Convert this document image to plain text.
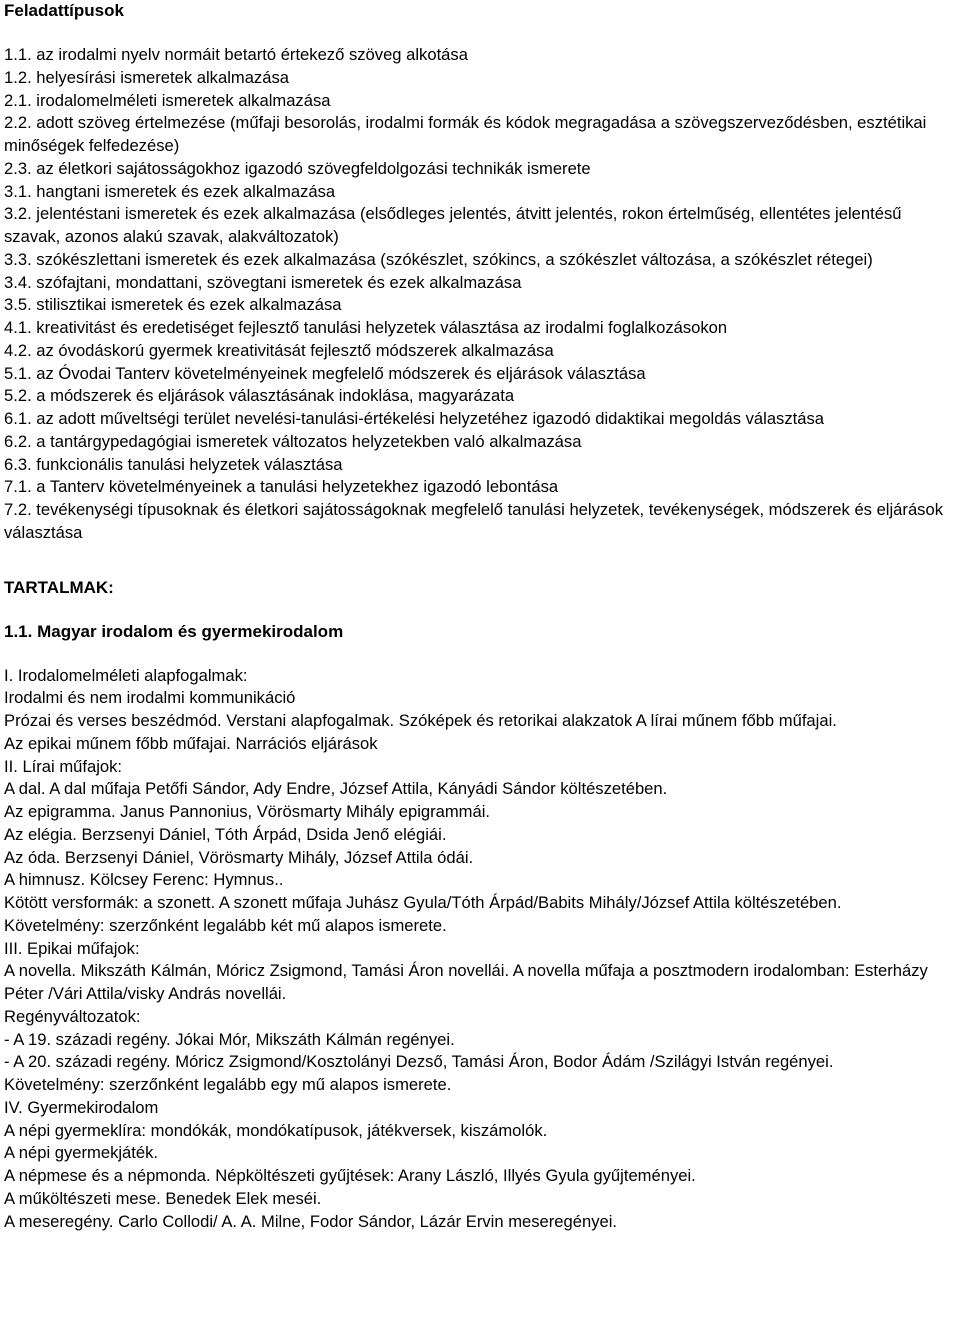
Feladattípusok

1.1. az irodalmi nyelv normáit betartó értekező szöveg alkotása

1.2. helyesírási ismeretek alkalmazása

2.1. irodalomelméleti ismeretek alkalmazása

2.2. adott szöveg értelmezése (műfaji besorolás, irodalmi formák és kódok megragadása a szövegszerveződésben, esztétikai minőségek felfedezése)

2.3. az életkori sajátosságokhoz igazodó szövegfeldolgozási technikák ismerete

3.1. hangtani ismeretek és ezek alkalmazása

3.2. jelentéstani ismeretek és ezek alkalmazása (elsődleges jelentés, átvitt jelentés, rokon értelműség, ellentétes jelentésű szavak, azonos alakú szavak, alakváltozatok)

3.3. szókészlettani ismeretek és ezek alkalmazása (szókészlet, szókincs, a szókészlet változása, a szókészlet rétegei)

3.4. szófajtani, mondattani, szövegtani ismeretek és ezek alkalmazása

3.5. stilisztikai ismeretek és ezek alkalmazása

4.1. kreativitást és eredetiséget fejlesztő tanulási helyzetek választása az irodalmi foglalkozásokon

4.2. az óvodáskorú gyermek kreativitását fejlesztő módszerek alkalmazása

5.1. az Óvodai Tanterv követelményeinek megfelelő módszerek és eljárások választása

5.2. a módszerek és eljárások választásának indoklása, magyarázata

6.1. az adott műveltségi terület nevelési-tanulási-értékelési helyzetéhez igazodó didaktikai megoldás választása

6.2. a tantárgypedagógiai ismeretek változatos helyzetekben való alkalmazása

6.3. funkcionális tanulási helyzetek választása

7.1. a Tanterv követelményeinek a tanulási helyzetekhez igazodó lebontása

7.2. tevékenységi típusoknak és életkori sajátosságoknak megfelelő tanulási helyzetek, tevékenységek, módszerek és eljárások választása

TARTALMAK:
1.1. Magyar irodalom és gyermekirodalom

I. Irodalomelméleti alapfogalmak:

Irodalmi és nem irodalmi kommunikáció

Prózai és verses beszédmód. Verstani alapfogalmak. Szóképek és retorikai alakzatok A lírai műnem főbb műfajai.

Az epikai műnem főbb műfajai. Narrációs eljárások

II. Lírai műfajok:

A dal. A dal műfaja Petőfi Sándor, Ady Endre, József Attila, Kányádi Sándor költészetében.

Az epigramma. Janus Pannonius, Vörösmarty Mihály epigrammái.

Az elégia. Berzsenyi Dániel, Tóth Árpád, Dsida Jenő elégiái.

Az óda. Berzsenyi Dániel, Vörösmarty Mihály, József Attila ódái.

A himnusz. Kölcsey Ferenc: Hymnus..

Kötött versformák: a szonett. A szonett műfaja Juhász Gyula/Tóth Árpád/Babits Mihály/József Attila költészetében.

Követelmény: szerzőnként legalább két mű alapos ismerete.

III. Epikai műfajok:

A novella. Mikszáth Kálmán, Móricz Zsigmond, Tamási Áron novellái. A novella műfaja a posztmodern irodalomban: Esterházy Péter /Vári Attila/visky András novellái.

Regényváltozatok:

- A 19. századi regény. Jókai Mór, Mikszáth Kálmán regényei.

- A 20. századi regény. Móricz Zsigmond/Kosztolányi Dezső, Tamási Áron, Bodor Ádám /Szilágyi István regényei.

Követelmény: szerzőnként legalább egy mű alapos ismerete.

IV. Gyermekirodalom

A népi gyermeklíra: mondókák, mondókatípusok, játékversek, kiszámolók.

A népi gyermekjáték.

A népmese és a népmonda. Népköltészeti gyűjtések: Arany László, Illyés Gyula gyűjteményei.

A műköltészeti mese. Benedek Elek meséi.

A meseregény. Carlo Collodi/ A. A. Milne, Fodor Sándor, Lázár Ervin meseregényei.
